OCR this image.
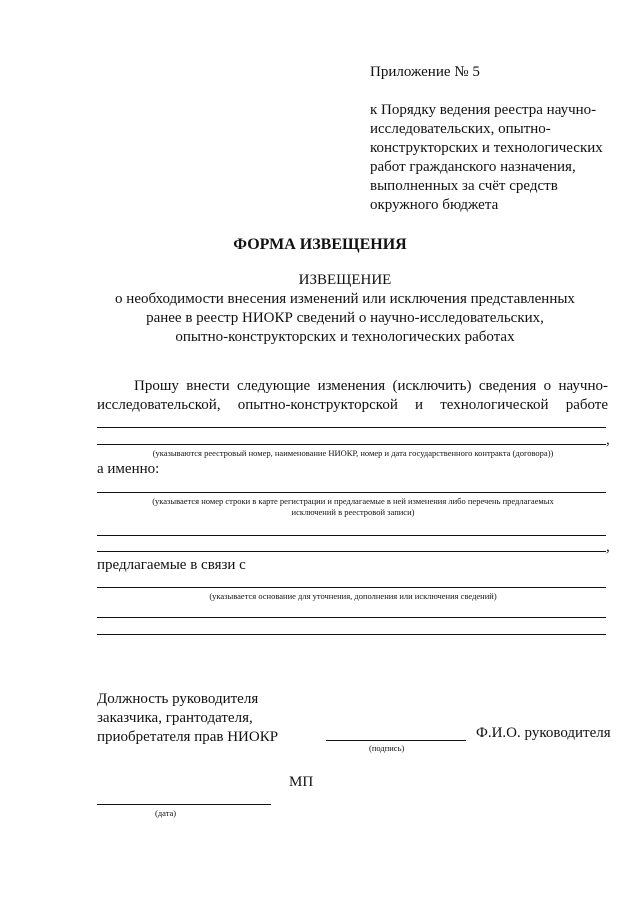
Приложение № 5
к Порядку ведения реестра научно-
исследовательских, опытно-
конструкторских и технологических
работ гражданского назначения,
выполненных за счёт средств
окружного бюджета
ФОРМА ИЗВЕЩЕНИЯ
ИЗВЕЩЕНИЕ
о необходимости внесения изменений или исключения представленных
ранее в реестр НИОКР сведений о научно-исследовательских,
опытно-конструкторских и технологических работах
Прошу внести следующие изменения (исключить) сведения о научно-
исследовательской, опытно-конструкторской и технологической работе
,
(указываются реестровый номер, наименование НИОКР, номер и дата государственного контракта (договора))
а именно:
(указывается номер строки в карте регистрации и предлагаемые в ней изменения либо перечень предлагаемых
исключений в реестровой записи)
,
предлагаемые в связи с
(указывается основание для уточнения, дополнения или исключения сведений)
Должность руководителя
заказчика, грантодателя,
приобретателя прав НИОКР
(подпись)
Ф.И.О. руководителя
МП
(дата)
